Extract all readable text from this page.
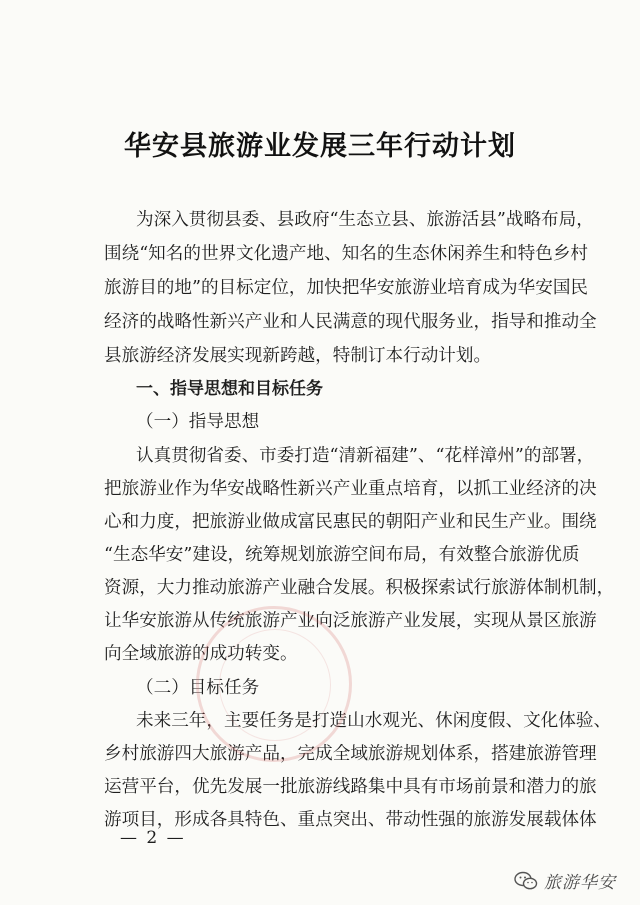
华安县旅游业发展三年行动计划
为深入贯彻县委、县政府“生态立县、旅游活县”战略布局，
围绕“知名的世界文化遗产地、知名的生态休闲养生和特色乡村
旅游目的地”的目标定位，加快把华安旅游业培育成为华安国民
经济的战略性新兴产业和人民满意的现代服务业，指导和推动全
县旅游经济发展实现新跨越，特制订本行动计划。
一、指导思想和目标任务
（一）指导思想
认真贯彻省委、市委打造“清新福建”、“花样漳州”的部署，
把旅游业作为华安战略性新兴产业重点培育，以抓工业经济的决
心和力度，把旅游业做成富民惠民的朝阳产业和民生产业。围绕
“生态华安”建设，统筹规划旅游空间布局，有效整合旅游优质
资源，大力推动旅游产业融合发展。积极探索试行旅游体制机制，
让华安旅游从传统旅游产业向泛旅游产业发展，实现从景区旅游
向全域旅游的成功转变。
（二）目标任务
未来三年，主要任务是打造山水观光、休闲度假、文化体验、
乡村旅游四大旅游产品，完成全域旅游规划体系，搭建旅游管理
运营平台，优先发展一批旅游线路集中具有市场前景和潜力的旅
游项目，形成各具特色、重点突出、带动性强的旅游发展载体体
— 2 —
旅游华安
